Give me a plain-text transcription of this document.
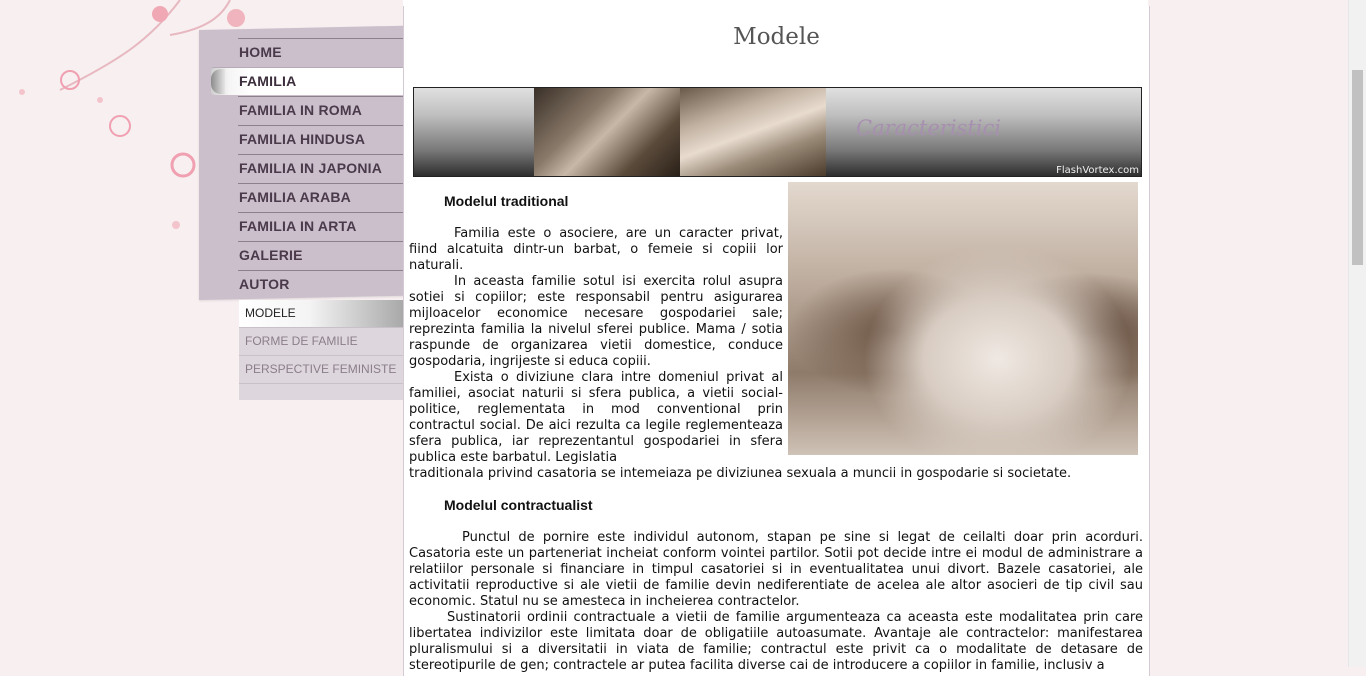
HOME
FAMILIA
FAMILIA IN ROMA
FAMILIA HINDUSA
FAMILIA IN JAPONIA
FAMILIA ARABA
FAMILIA IN ARTA
GALERIE
AUTOR
MODELE
FORME DE FAMILIE
PERSPECTIVE FEMINISTE
Modele
Caracteristici
FlashVortex.com
Modelul traditional

Familia este o asociere, are un caracter privat, fiind alcatuita dintr-un barbat, o femeie si copiii lor naturali.

In aceasta familie sotul isi exercita rolul asupra sotiei si copiilor; este responsabil pentru asigurarea mijloacelor economice necesare gospodariei sale; reprezinta familia la nivelul sferei publice. Mama / sotia raspunde de organizarea vietii domestice, conduce gospodaria, ingrijeste si educa copiii.

Exista o diviziune clara intre domeniul privat al familiei, asociat naturii si sfera publica, a vietii social-politice, reglementata in mod conventional prin contractul social. De aici rezulta ca legile reglementeaza sfera publica, iar reprezentantul gospodariei in sfera publica este barbatul. Legislatia

traditionala privind casatoria se intemeiaza pe diviziunea sexuala a muncii in gospodarie si societate.

Modelul contractualist

Punctul de pornire este individul autonom, stapan pe sine si legat de ceilalti doar prin acorduri. Casatoria este un parteneriat incheiat conform vointei partilor. Sotii pot decide intre ei modul de administrare a relatiilor personale si financiare in timpul casatoriei si in eventualitatea unui divort. Bazele casatoriei, ale activitatii reproductive si ale vietii de familie devin nediferentiate de acelea ale altor asocieri de tip civil sau economic. Statul nu se amesteca in incheierea contractelor.

Sustinatorii ordinii contractuale a vietii de familie argumenteaza ca aceasta este modalitatea prin care libertatea indivizilor este limitata doar de obligatiile autoasumate. Avantaje ale contractelor: manifestarea pluralismului si a diversitatii in viata de familie; contractul este privit ca o modalitate de detasare de stereotipurile de gen; contractele ar putea facilita diverse cai de introducere a copiilor in familie, inclusiv a
